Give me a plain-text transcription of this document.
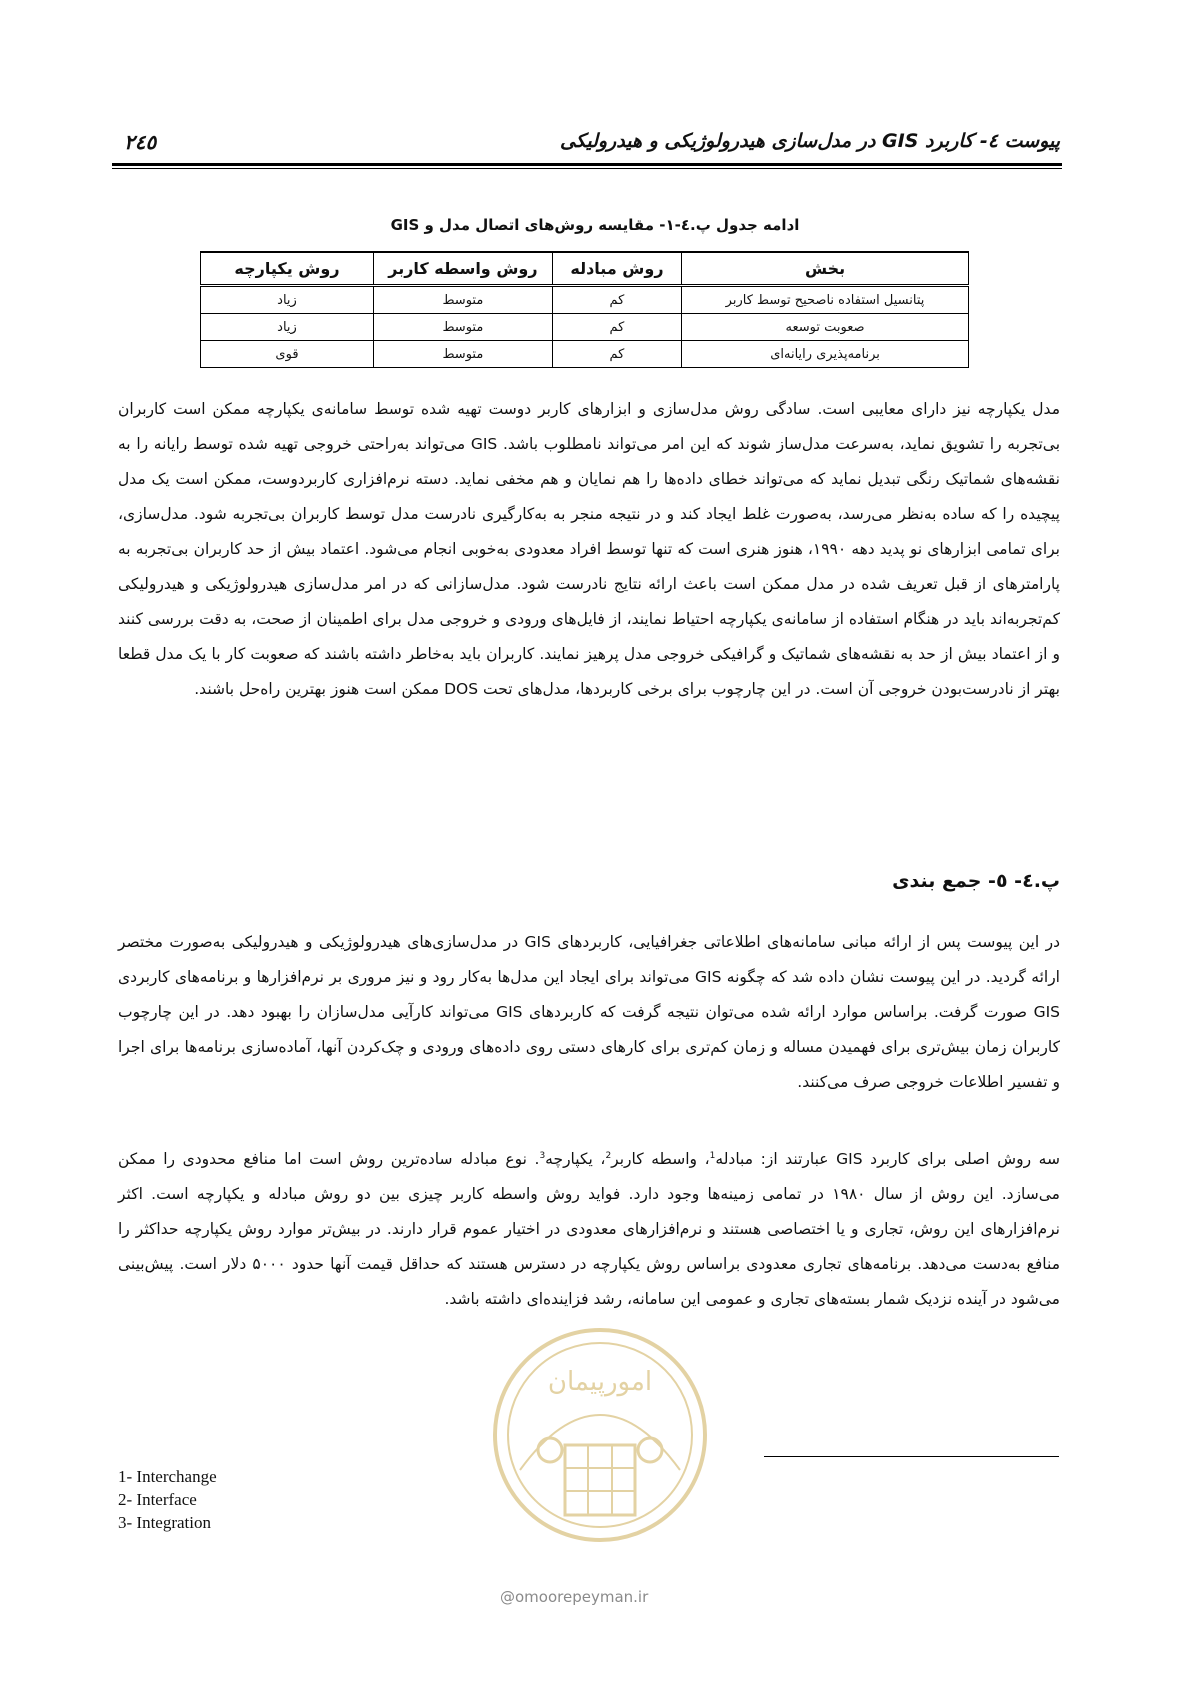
پیوست ٤- کاربرد GIS در مدل‌سازی هیدرولوژیکی و هیدرولیکی
٢٤٥
ادامه جدول پ.٤-١- مقایسه روش‌های اتصال مدل و GIS
بخش	روش مبادله	روش واسطه کاربر	روش یکپارچه
پتانسیل استفاده ناصحیح توسط کاربر	کم	متوسط	زیاد
صعوبت توسعه	کم	متوسط	زیاد
برنامه‌پذیری رایانه‌ای	کم	متوسط	قوی

مدل یکپارچه نیز دارای معایبی است. سادگی روش مدل‌سازی و ابزارهای کاربر دوست تهیه شده توسط سامانه‌ی یکپارچه ممکن است کاربران بی‌تجربه را تشویق نماید، به‌سرعت مدل‌ساز شوند که این امر می‌تواند نامطلوب باشد. GIS می‌تواند به‌راحتی خروجی تهیه شده توسط رایانه را به نقشه‌های شماتیک رنگی تبدیل نماید که می‌تواند خطای داده‌ها را هم نمایان و هم مخفی نماید. دسته نرم‌افزاری کاربردوست، ممکن است یک مدل پیچیده را که ساده به‌نظر می‌رسد، به‌صورت غلط ایجاد کند و در نتیجه منجر به به‌کارگیری نادرست مدل توسط کاربران بی‌تجربه شود. مدل‌سازی، برای تمامی ابزارهای نو پدید دهه ۱۹۹۰، هنوز هنری است که تنها توسط افراد معدودی به‌خوبی انجام می‌شود. اعتماد بیش از حد کاربران بی‌تجربه به پارامترهای از قبل تعریف شده در مدل ممکن است باعث ارائه نتایج نادرست شود. مدل‌سازانی که در امر مدل‌سازی هیدرولوژیکی و هیدرولیکی کم‌تجربه‌اند باید در هنگام استفاده از سامانه‌ی یکپارچه احتیاط نمایند، از فایل‌های ورودی و خروجی مدل برای اطمینان از صحت، به دقت بررسی کنند و از اعتماد بیش از حد به نقشه‌های شماتیک و گرافیکی خروجی مدل پرهیز نمایند. کاربران باید به‌خاطر داشته باشند که صعوبت کار با یک مدل قطعا بهتر از نادرست‌بودن خروجی آن است. در این چارچوب برای برخی کاربردها، مدل‌های تحت DOS ممکن است هنوز بهترین راه‌حل باشند.

پ.٤- ٥- جمع بندی

در این پیوست پس از ارائه مبانی سامانه‌های اطلاعاتی جغرافیایی، کاربردهای GIS در مدل‌سازی‌های هیدرولوژیکی و هیدرولیکی به‌صورت مختصر ارائه گردید. در این پیوست نشان داده شد که چگونه GIS می‌تواند برای ایجاد این مدل‌ها به‌کار رود و نیز مروری بر نرم‌افزارها و برنامه‌های کاربردی GIS صورت گرفت. براساس موارد ارائه شده می‌توان نتیجه گرفت که کاربردهای GIS می‌تواند کارآیی مدل‌سازان را بهبود دهد. در این چارچوب کاربران زمان بیش‌تری برای فهمیدن مساله و زمان کم‌تری برای کارهای دستی روی داده‌های ورودی و چک‌کردن آنها، آماده‌سازی برنامه‌ها برای اجرا و تفسیر اطلاعات خروجی صرف می‌کنند.

سه روش اصلی برای کاربرد GIS عبارتند از: مبادله$^1$، واسطه کاربر$^2$، یکپارچه$^3$. نوع مبادله ساده‌ترین روش است اما منافع محدودی را ممکن می‌سازد. این روش از سال ۱۹۸۰ در تمامی زمینه‌ها وجود دارد. فواید روش واسطه کاربر چیزی بین دو روش مبادله و یکپارچه است. اکثر نرم‌افزارهای این روش، تجاری و یا اختصاصی هستند و نرم‌افزارهای معدودی در اختیار عموم قرار دارند. در بیش‌تر موارد روش یکپارچه حداکثر را منافع به‌دست می‌دهد. برنامه‌های تجاری معدودی براساس روش یکپارچه در دسترس هستند که حداقل قیمت آنها حدود ۵۰۰۰ دلار است. پیش‌بینی می‌شود در آینده نزدیک شمار بسته‌های تجاری و عمومی این سامانه، رشد فزاینده‌ای داشته باشد.

1- Interchange
2- Interface
3- Integration
امورپیمان
@omoorepeyman.ir
